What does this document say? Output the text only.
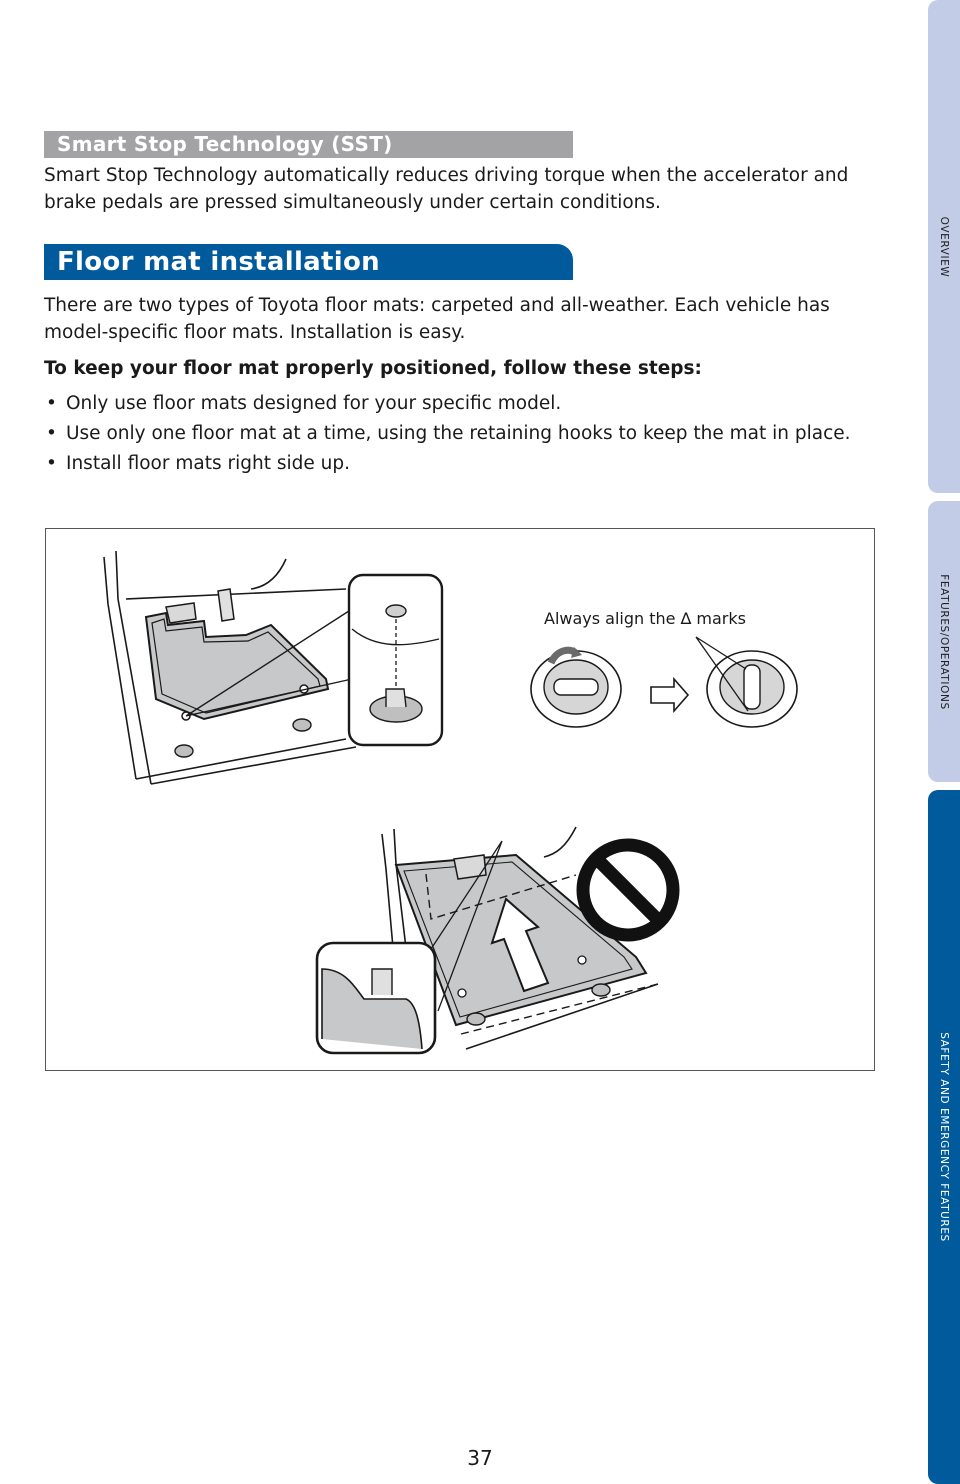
Smart Stop Technology (SST)

Smart Stop Technology automatically reduces driving torque when the accelerator and brake pedals are pressed simultaneously under certain conditions.

Floor mat installation

There are two types of Toyota floor mats: carpeted and all-weather. Each vehicle has model-specific floor mats. Installation is easy.

To keep your floor mat properly positioned, follow these steps:

• Only use floor mats designed for your specific model.
• Use only one floor mat at a time, using the retaining hooks to keep the mat in place.
• Install floor mats right side up.
Always align the ∆ marks
OVERVIEW
FEATURES/OPERATIONS
SAFETY AND EMERGENCY FEATURES
37
